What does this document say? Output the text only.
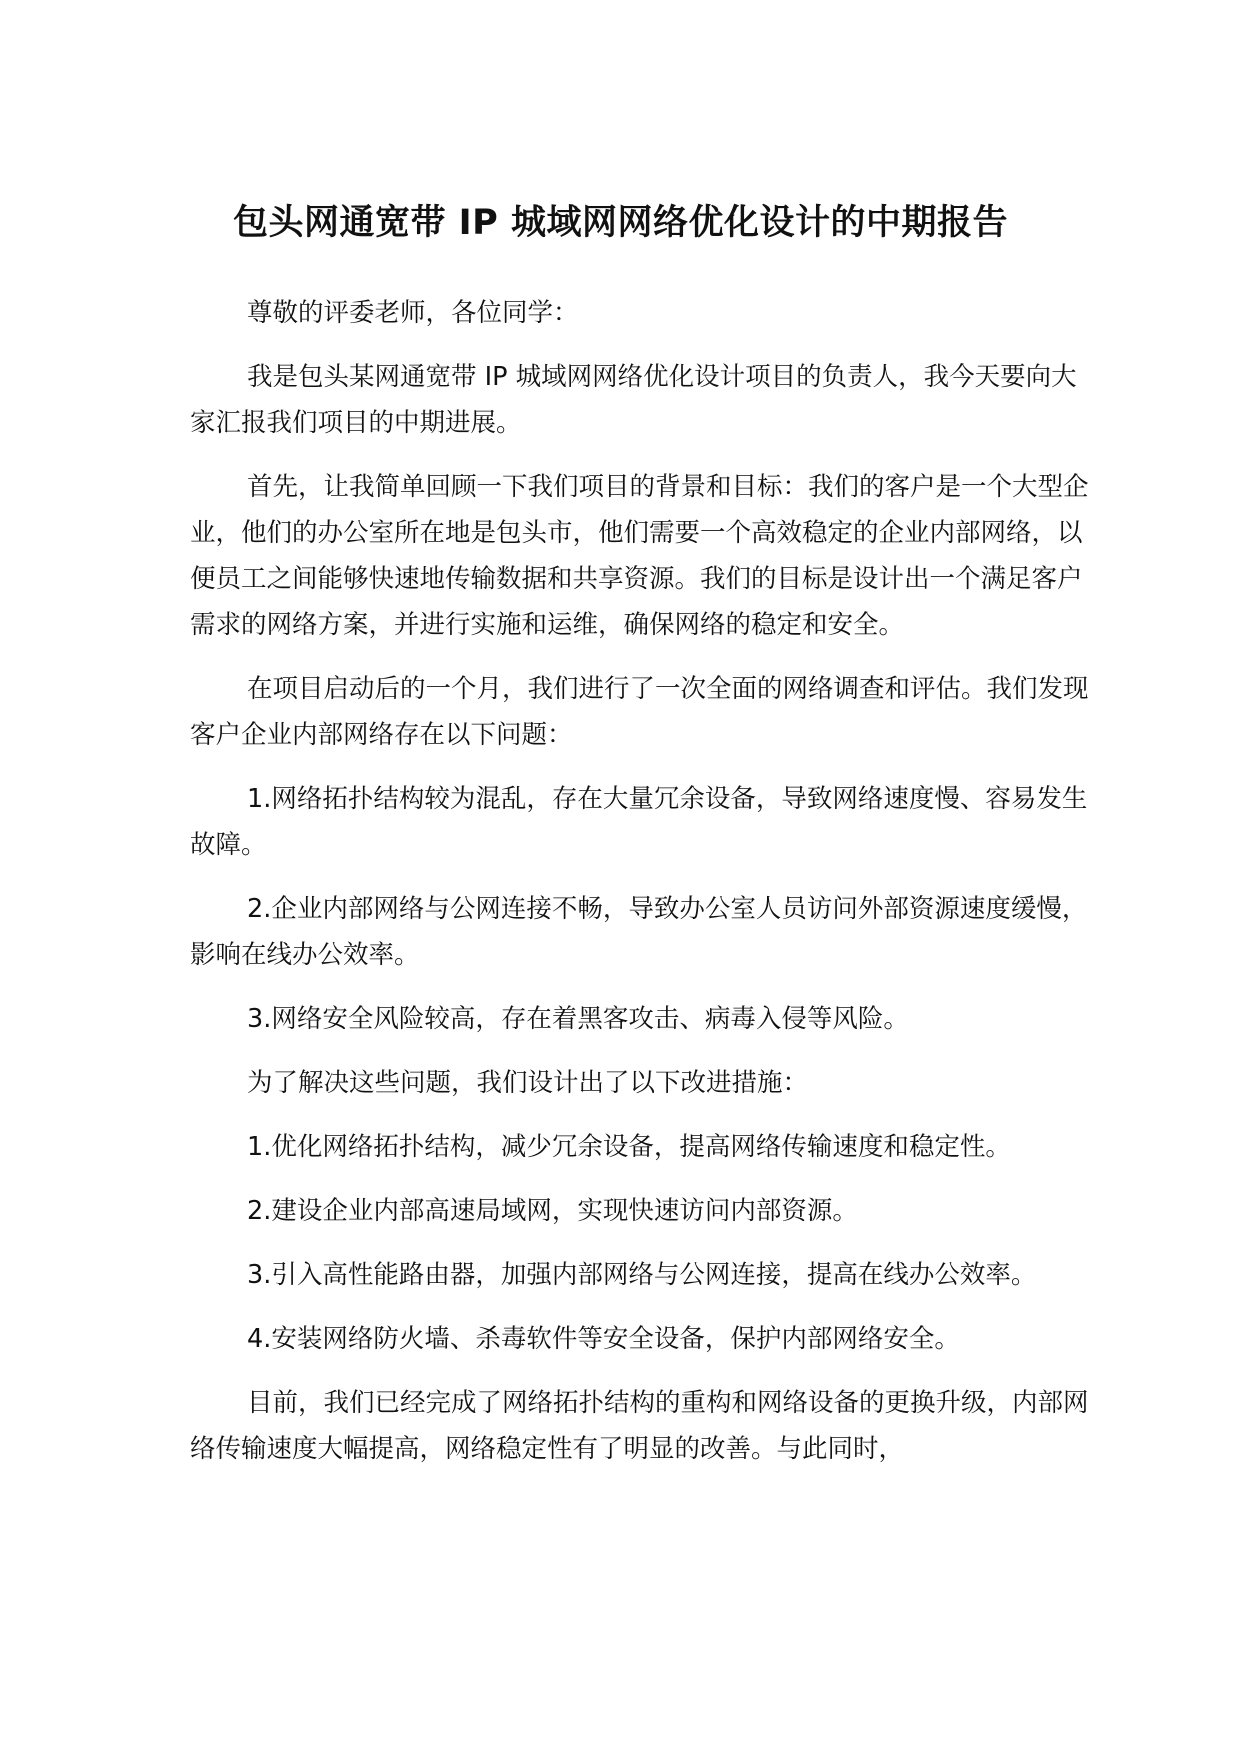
包头网通宽带 IP 城域网网络优化设计的中期报告

尊敬的评委老师，各位同学：

我是包头某网通宽带 IP 城域网网络优化设计项目的负责人，我今天要向大家汇报我们项目的中期进展。

首先，让我简单回顾一下我们项目的背景和目标：我们的客户是一个大型企业，他们的办公室所在地是包头市，他们需要一个高效稳定的企业内部网络，以便员工之间能够快速地传输数据和共享资源。我们的目标是设计出一个满足客户需求的网络方案，并进行实施和运维，确保网络的稳定和安全。

在项目启动后的一个月，我们进行了一次全面的网络调查和评估。我们发现客户企业内部网络存在以下问题：

1.网络拓扑结构较为混乱，存在大量冗余设备，导致网络速度慢、容易发生故障。

2.企业内部网络与公网连接不畅，导致办公室人员访问外部资源速度缓慢，影响在线办公效率。

3.网络安全风险较高，存在着黑客攻击、病毒入侵等风险。

为了解决这些问题，我们设计出了以下改进措施：

1.优化网络拓扑结构，减少冗余设备，提高网络传输速度和稳定性。

2.建设企业内部高速局域网，实现快速访问内部资源。

3.引入高性能路由器，加强内部网络与公网连接，提高在线办公效率。

4.安装网络防火墙、杀毒软件等安全设备，保护内部网络安全。

目前，我们已经完成了网络拓扑结构的重构和网络设备的更换升级，内部网络传输速度大幅提高，网络稳定性有了明显的改善。与此同时，
